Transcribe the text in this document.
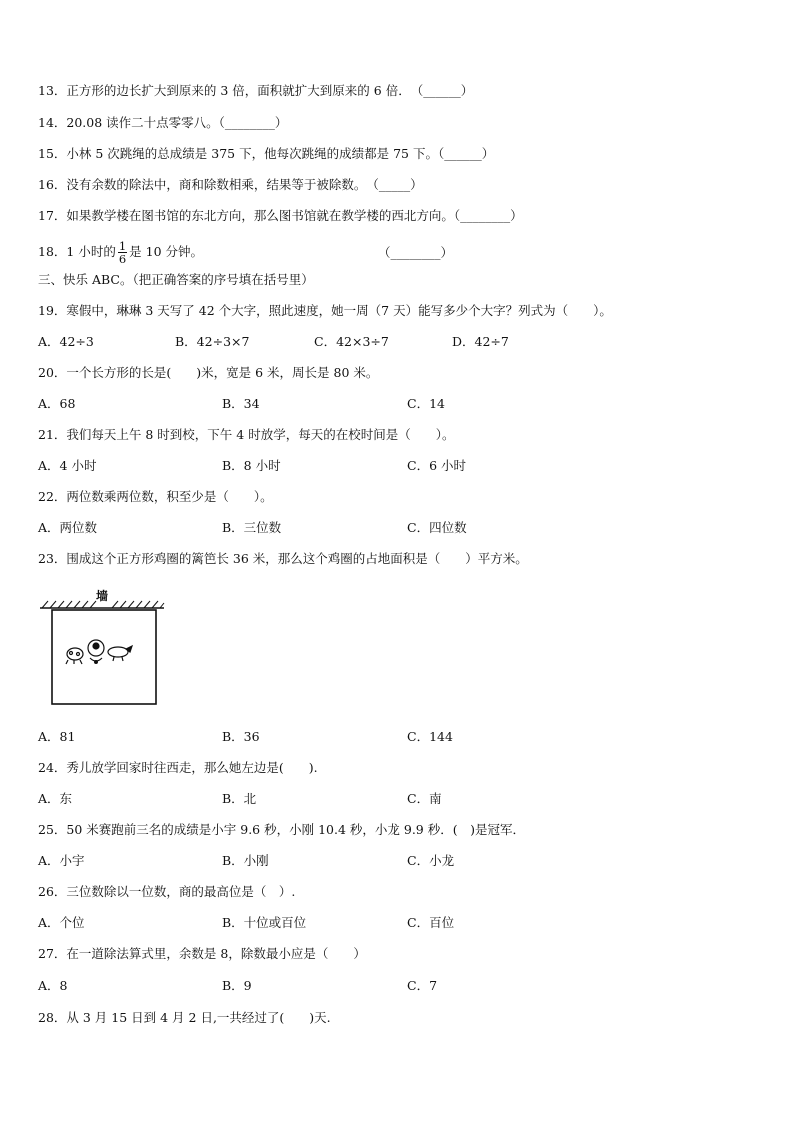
13．正方形的边长扩大到原来的 3 倍，面积就扩大到原来的 6 倍．　（______）
14．20.08 读作二十点零零八。（________）
15．小林 5 次跳绳的总成绩是 375 下，他每次跳绳的成绩都是 75 下。（______）
16．没有余数的除法中，商和除数相乘，结果等于被除数。　（_____）
17．如果教学楼在图书馆的东北方向，那么图书馆就在教学楼的西北方向。（________）
18．1 小时的 $\frac{1}{6}$ 是 10 分钟。	（________）
三、快乐 ABC。（把正确答案的序号填在括号里）
19．寒假中，琳琳 3 天写了 42 个大字，照此速度，她一周（7 天）能写多少个大字？列式为（　　）。
A．42÷3	B．42÷3×7	C．42×3÷7	D．42÷7
20．一个长方形的长是(　　)米，宽是 6 米，周长是 80 米。
A．68	B．34	C．14
21．我们每天上午 8 时到校，下午 4 时放学，每天的在校时间是（　　）。
A．4 小时	B．8 小时	C．6 小时
22．两位数乘两位数，积至少是（　　）。
A．两位数	B．三位数	C．四位数
23．围成这个正方形鸡圈的篱笆长 36 米，那么这个鸡圈的占地面积是（　　）平方米。
墙
A．81	B．36	C．144
24．秀儿放学回家时往西走，那么她左边是(　　).
A．东	B．北	C．南
25．50 米赛跑前三名的成绩是小宇 9.6 秒，小刚 10.4 秒，小龙 9.9 秒．(　)是冠军．
A．小宇	B．小刚	C．小龙
26．三位数除以一位数，商的最高位是（　）.
A．个位	B．十位或百位	C．百位
27．在一道除法算式里，余数是 8，除数最小应是（　　）
A．8	B．9	C．7
28．从 3 月 15 日到 4 月 2 日,一共经过了(　　)天.
